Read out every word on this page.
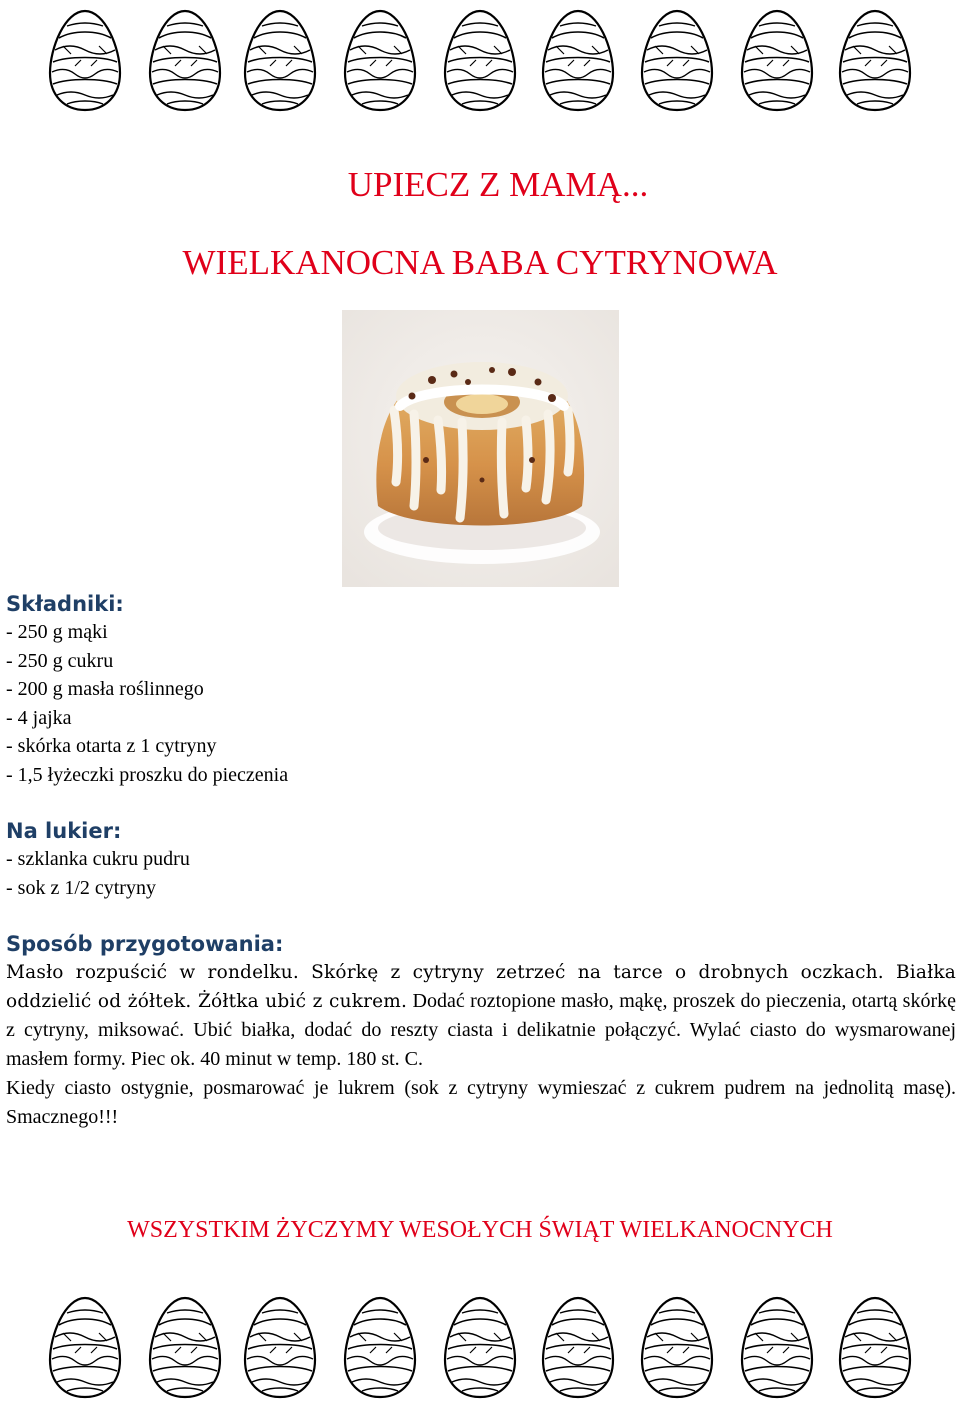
UPIECZ Z MAMĄ...
WIELKANOCNA BABA CYTRYNOWA
Składniki:
- 250 g mąki
- 250 g cukru
- 200 g masła roślinnego
- 4 jajka
- skórka otarta z 1 cytryny
- 1,5 łyżeczki proszku do pieczenia
Na lukier:
- szklanka cukru pudru
- sok z 1/2 cytryny
Sposób przygotowania:

Masło rozpuścić w rondelku. Skórkę z cytryny zetrzeć na tarce o drobnych oczkach. Białka oddzielić od żółtek. Żółtka ubić z cukrem. Dodać roztopione masło, mąkę, proszek do pieczenia, otartą skórkę z cytryny, miksować. Ubić białka, dodać do reszty ciasta i delikatnie połączyć. Wylać ciasto do wysmarowanej masłem formy. Piec ok. 40 minut w temp. 180 st. C.

Kiedy ciasto ostygnie, posmarować je lukrem (sok z cytryny wymieszać z cukrem pudrem na jednolitą masę). Smacznego!!!

WSZYSTKIM ŻYCZYMY WESOŁYCH ŚWIĄT WIELKANOCNYCH
